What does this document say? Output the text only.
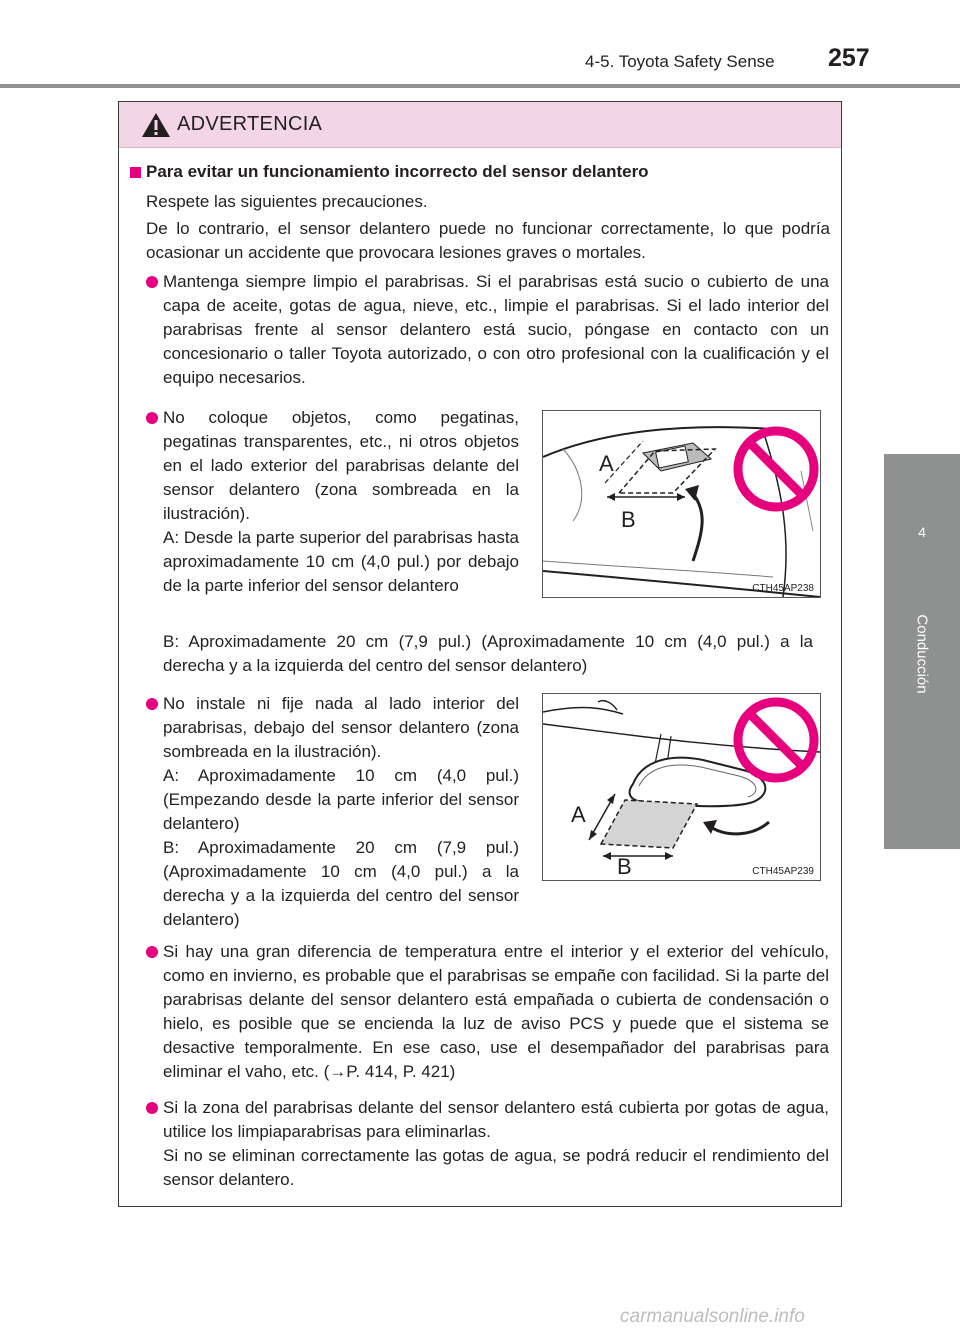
4-5. Toyota Safety Sense 257
4
Conducción
ADVERTENCIA

Para evitar un funcionamiento incorrecto del sensor delantero

Respete las siguientes precauciones.

De lo contrario, el sensor delantero puede no funcionar correctamente, lo que podría ocasionar un accidente que provocara lesiones graves o mortales.

Mantenga siempre limpio el parabrisas. Si el parabrisas está sucio o cubierto de una capa de aceite, gotas de agua, nieve, etc., limpie el parabrisas. Si el lado interior del parabrisas frente al sensor delantero está sucio, póngase en contacto con un concesionario o taller Toyota autorizado, o con otro profesional con la cualificación y el equipo necesarios.

No coloque objetos, como pegatinas, pegatinas transparentes, etc., ni otros objetos en el lado exterior del parabrisas delante del sensor delantero (zona sombreada en la ilustración).

A: Desde la parte superior del parabrisas hasta aproximadamente 10 cm (4,0 pul.) por debajo de la parte inferior del sensor delantero

B: Aproximadamente 20 cm (7,9 pul.) (Aproximadamente 10 cm (4,0 pul.) a la derecha y a la izquierda del centro del sensor delantero)

No instale ni fije nada al lado interior del parabrisas, debajo del sensor delantero (zona sombreada en la ilustración).

A: Aproximadamente 10 cm (4,0 pul.) (Empezando desde la parte inferior del sensor delantero)

B: Aproximadamente 20 cm (7,9 pul.) (Aproximadamente 10 cm (4,0 pul.) a la derecha y a la izquierda del centro del sensor delantero)

Si hay una gran diferencia de temperatura entre el interior y el exterior del vehículo, como en invierno, es probable que el parabrisas se empañe con facilidad. Si la parte del parabrisas delante del sensor delantero está empañada o cubierta de condensación o hielo, es posible que se encienda la luz de aviso PCS y puede que el sistema se desactive temporalmente. En ese caso, use el desempañador del parabrisas para eliminar el vaho, etc. (→P. 414, P. 421)

Si la zona del parabrisas delante del sensor delantero está cubierta por gotas de agua, utilice los limpiaparabrisas para eliminarlas.

Si no se eliminan correctamente las gotas de agua, se podrá reducir el rendimiento del sensor delantero.

A
B
CTH45AP238
A
B	CTH45AP239
carmanualsonline.info
